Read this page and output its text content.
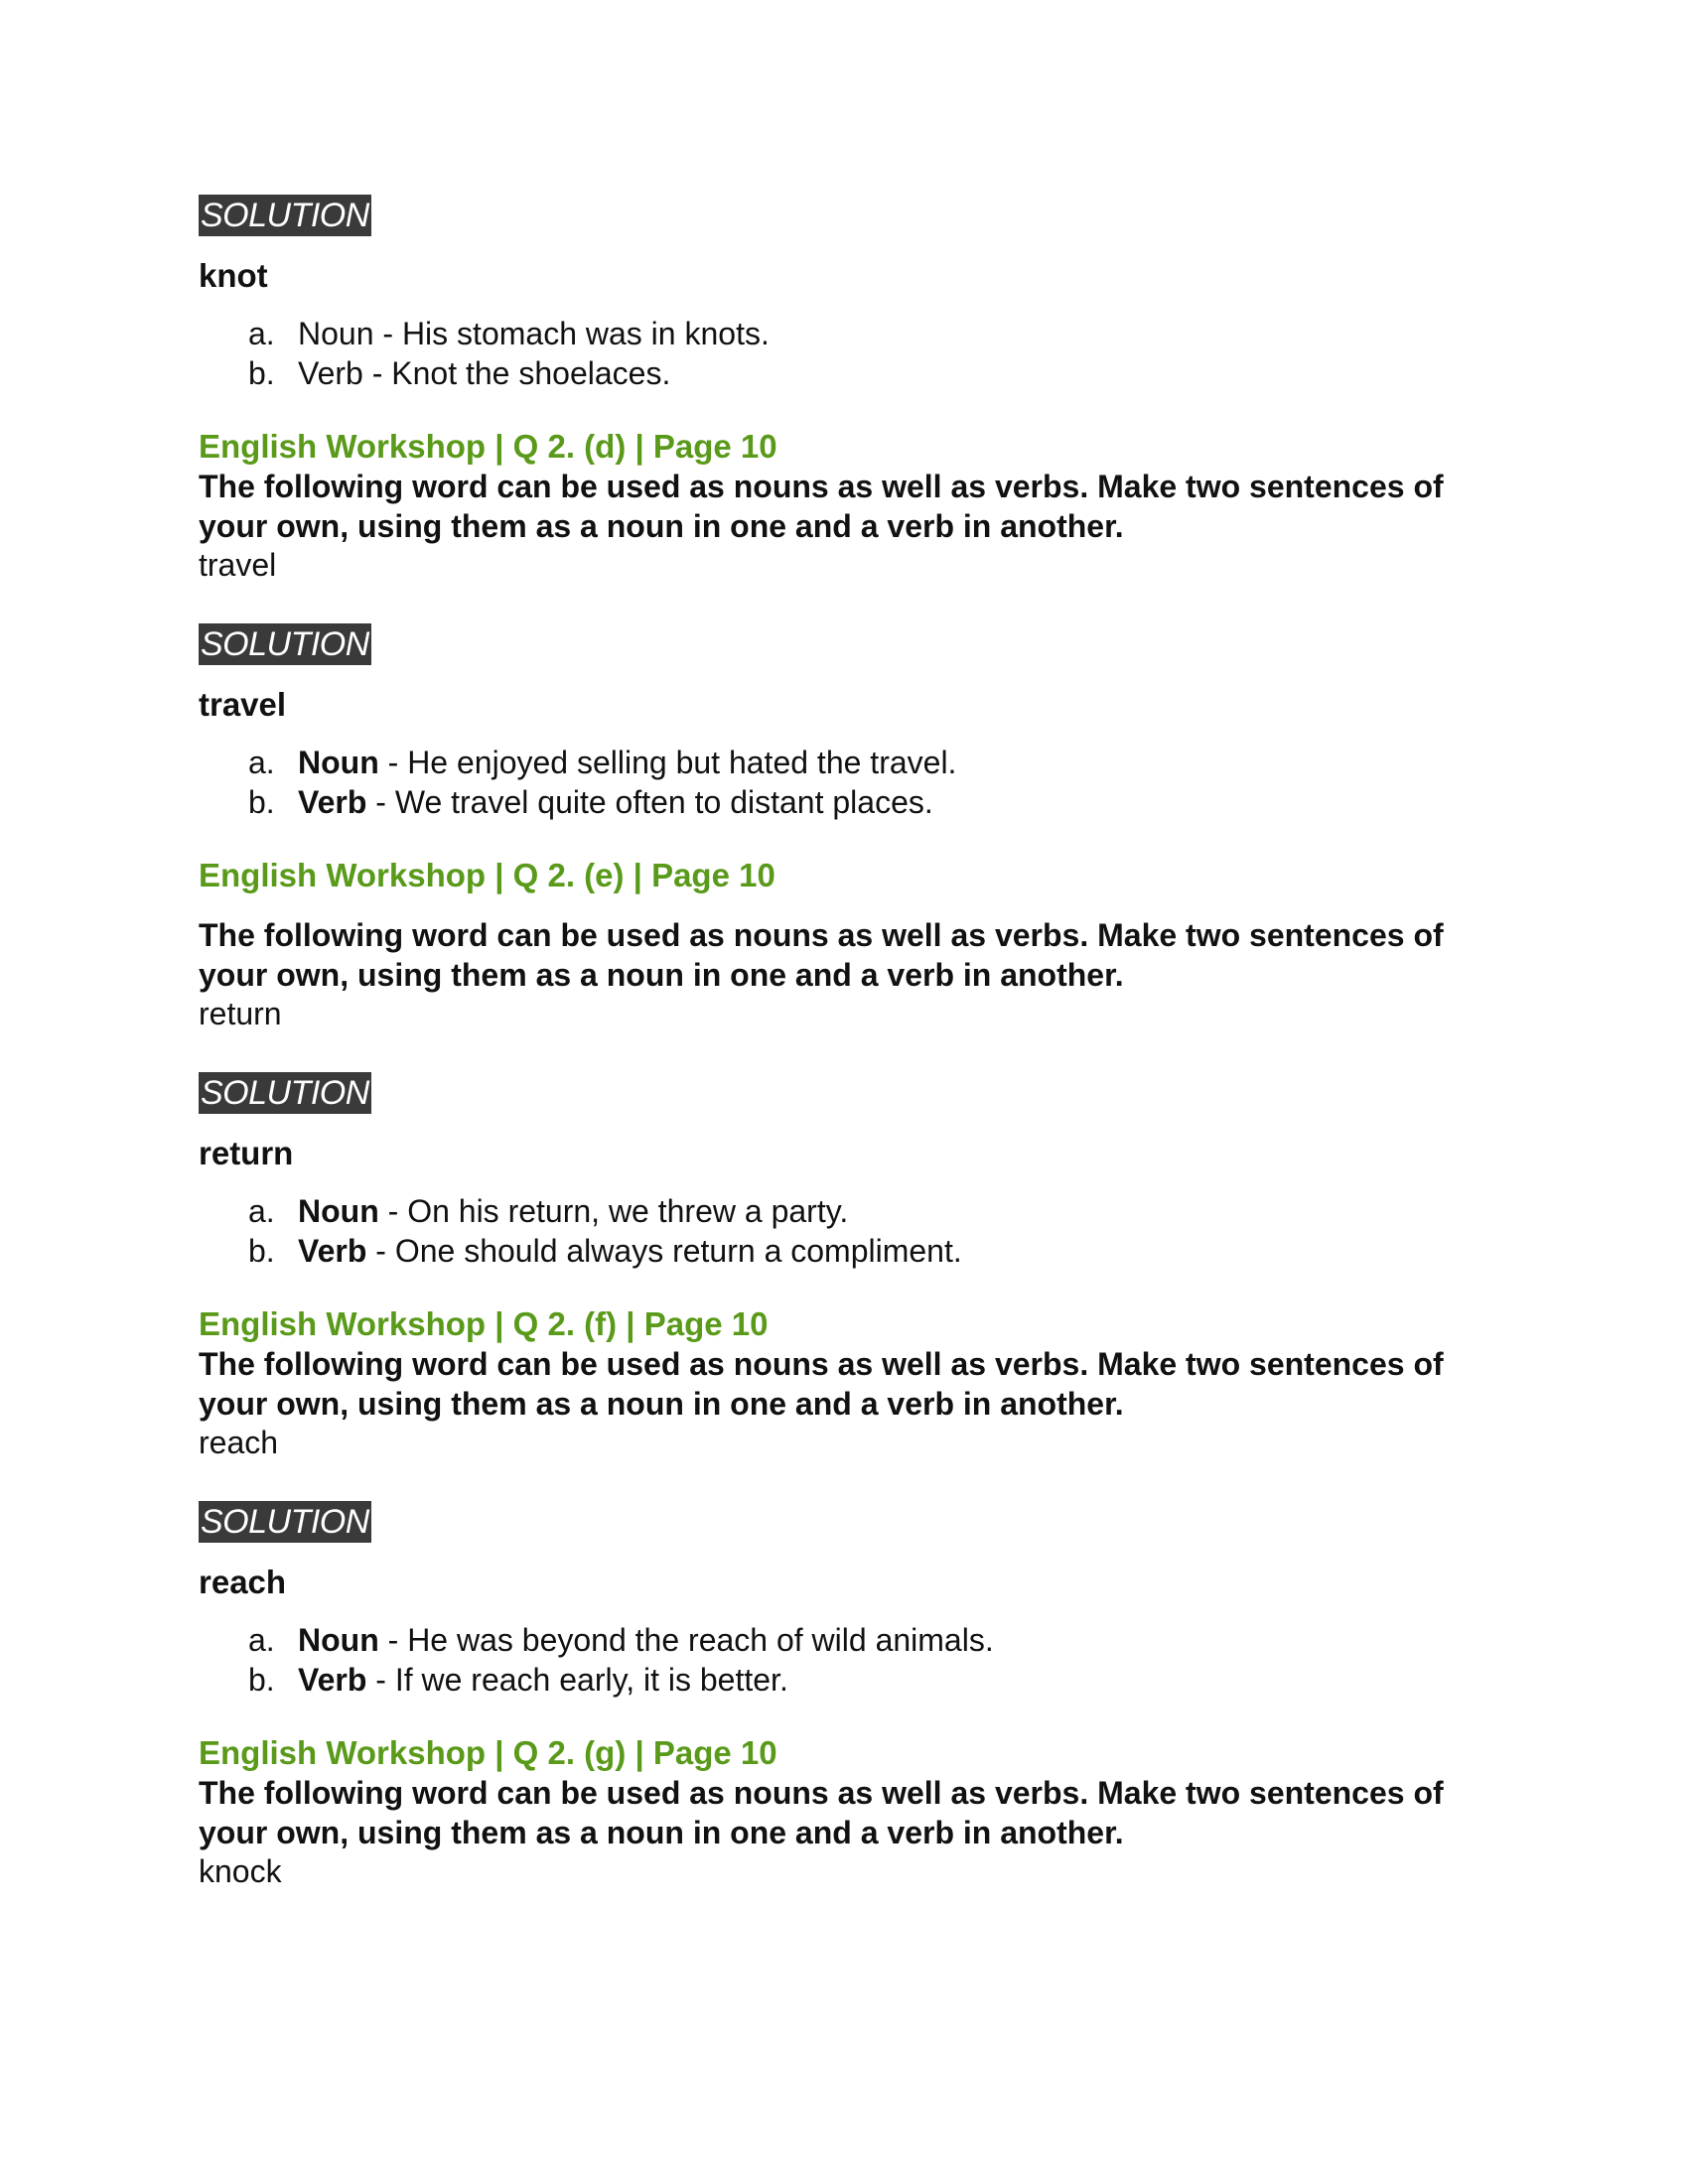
SOLUTION
knot
a. Noun - His stomach was in knots.
b. Verb - Knot the shoelaces.
English Workshop | Q 2. (d) | Page 10
The following word can be used as nouns as well as verbs. Make two sentences of your own, using them as a noun in one and a verb in another.
travel
SOLUTION
travel
a. Noun - He enjoyed selling but hated the travel.
b. Verb - We travel quite often to distant places.
English Workshop | Q 2. (e) | Page 10
The following word can be used as nouns as well as verbs. Make two sentences of your own, using them as a noun in one and a verb in another.
return
SOLUTION
return
a. Noun - On his return, we threw a party.
b. Verb - One should always return a compliment.
English Workshop | Q 2. (f) | Page 10
The following word can be used as nouns as well as verbs. Make two sentences of your own, using them as a noun in one and a verb in another.
reach
SOLUTION
reach
a. Noun - He was beyond the reach of wild animals.
b. Verb - If we reach early, it is better.
English Workshop | Q 2. (g) | Page 10
The following word can be used as nouns as well as verbs. Make two sentences of your own, using them as a noun in one and a verb in another.
knock
